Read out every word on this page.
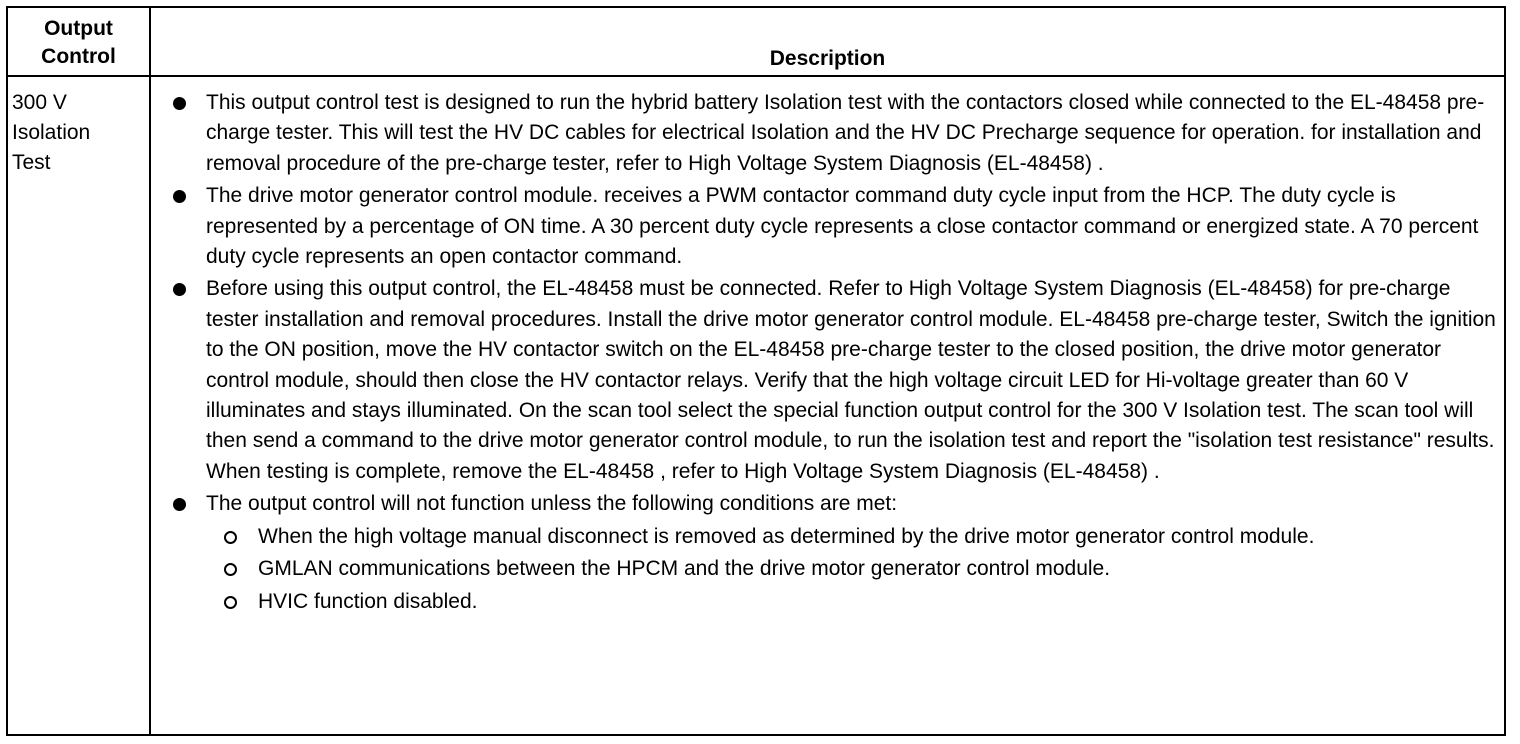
Output
Control	Description
300 V
Isolation
Test
This output control test is designed to run the hybrid battery Isolation test with the contactors closed while connected to the EL-48458 pre-charge tester. This will test the HV DC cables for electrical Isolation and the HV DC Precharge sequence for operation. for installation and removal procedure of the pre-charge tester, refer to High Voltage System Diagnosis (EL-48458) .
The drive motor generator control module. receives a PWM contactor command duty cycle input from the HCP. The duty cycle is represented by a percentage of ON time. A 30 percent duty cycle represents a close contactor command or energized state. A 70 percent duty cycle represents an open contactor command.
Before using this output control, the EL-48458 must be connected. Refer to High Voltage System Diagnosis (EL-48458) for pre-charge tester installation and removal procedures. Install the drive motor generator control module. EL-48458 pre-charge tester, Switch the ignition to the ON position, move the HV contactor switch on the EL-48458 pre-charge tester to the closed position, the drive motor generator control module, should then close the HV contactor relays. Verify that the high voltage circuit LED for Hi-voltage greater than 60 V illuminates and stays illuminated. On the scan tool select the special function output control for the 300 V Isolation test. The scan tool will then send a command to the drive motor generator control module, to run the isolation test and report the "isolation test resistance" results. When testing is complete, remove the EL-48458 , refer to High Voltage System Diagnosis (EL-48458) .
The output control will not function unless the following conditions are met:
When the high voltage manual disconnect is removed as determined by the drive motor generator control module.
GMLAN communications between the HPCM and the drive motor generator control module.
HVIC function disabled.
